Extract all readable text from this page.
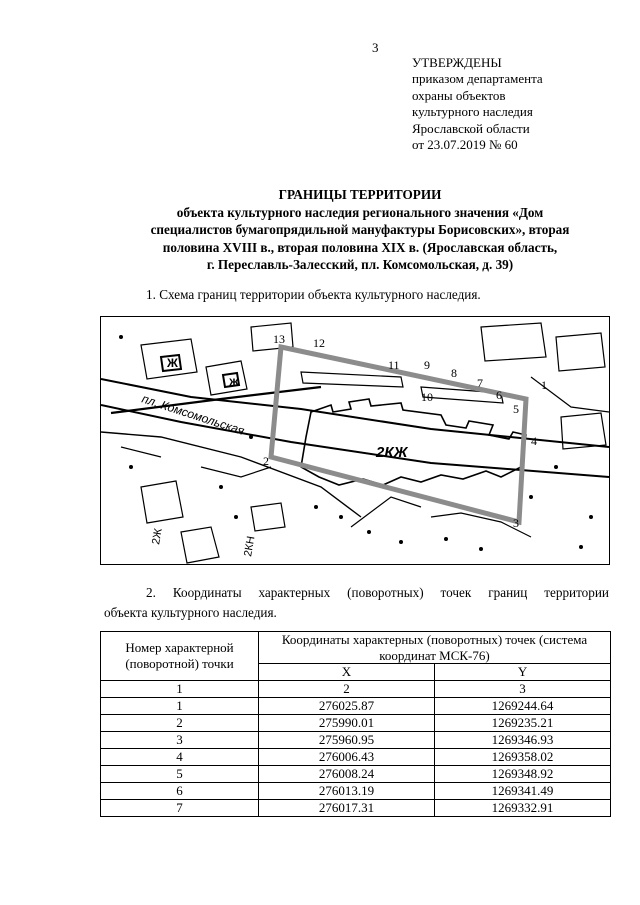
3
УТВЕРЖДЕНЫ
приказом департамента
охраны объектов
культурного наследия
Ярославской области
от 23.07.2019 № 60
ГРАНИЦЫ ТЕРРИТОРИИ
объекта культурного наследия регионального значения «Дом
специалистов бумагопрядильной мануфактуры Борисовских», вторая
половина XVIII в., вторая половина XIX в. (Ярославская область,
г. Переславль-Залесский, пл. Комсомольская, д. 39)
1. Схема границ территории объекта культурного наследия.
2КЖ
пл. Комсомольская
Ж
Ж
2Ж	2КН
3
4
5
6
7
8
9
10
11
12
13
1
2
2. Координаты характерных (поворотных) точек границ территории
объекта культурного наследия.
Номер характерной (поворотной) точки	Координаты характерных (поворотных) точек (система координат МСК-76)	
	X	Y
1	2	3
1	276025.87	1269244.64
2	275990.01	1269235.21
3	275960.95	1269346.93
4	276006.43	1269358.02
5	276008.24	1269348.92
6	276013.19	1269341.49
7	276017.31	1269332.91
